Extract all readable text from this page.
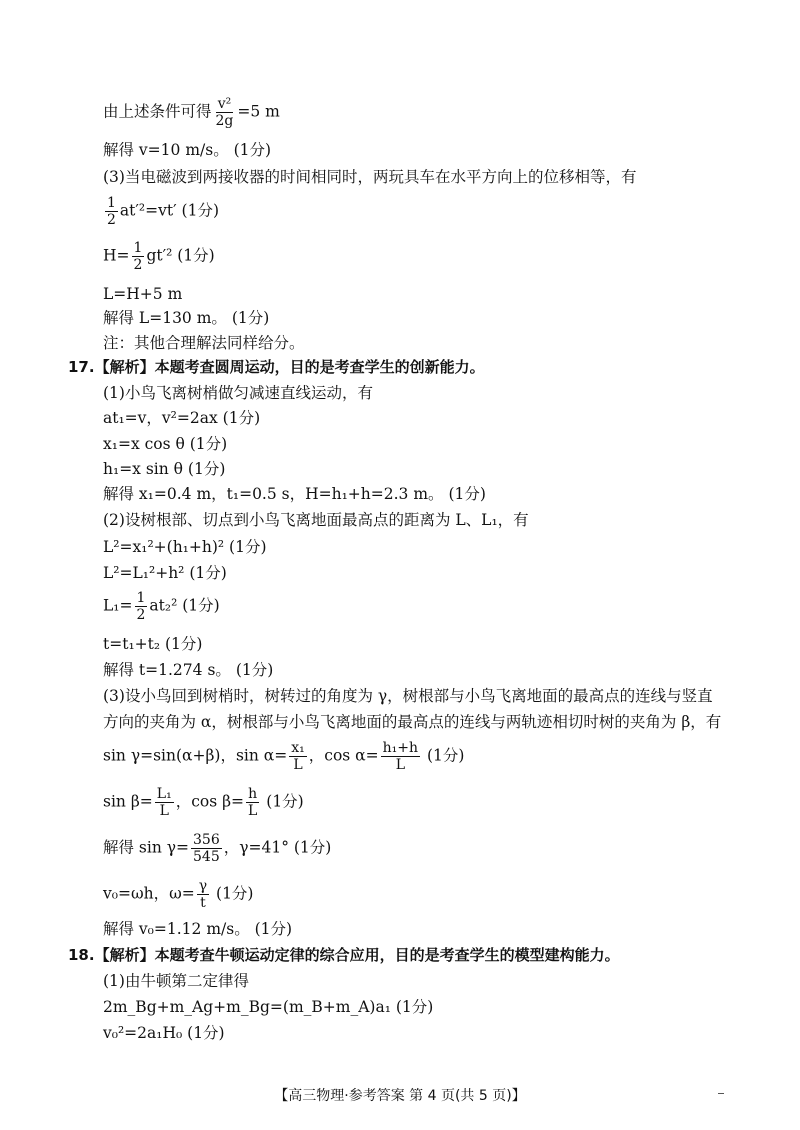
由上述条件可得 $\frac{\text{v²}}{2g} =5$ m
解得 v=10 m/s。 (1分)
(3)当电磁波到两接收器的时间相同时，两玩具车在水平方向上的位移相等，有
$\frac{1}{2} at'^2=vt'$ (1分)
$H= \frac{1}{2} gt'^2$ (1分)
L=H+5 m
解得 L=130 m。 (1分)
注：其他合理解法同样给分。
17.【解析】本题考查圆周运动，目的是考查学生的创新能力。
(1)小鸟飞离树梢做匀减速直线运动，有
at₁=v，v²=2ax (1分)
x₁=x cos θ (1分)
h₁=x sin θ (1分)
解得 x₁=0.4 m，t₁=0.5 s，H=h₁+h=2.3 m。 (1分)
(2)设树根部、切点到小鸟飞离地面最高点的距离为 L、L₁，有
L²=x₁²+(h₁+h)² (1分)
L²=L₁²+h² (1分)
$L_1= \frac{1}{2} at_2^2$ (1分)
t=t₁+t₂ (1分)
解得 t=1.274 s。 (1分)
(3)设小鸟回到树梢时，树转过的角度为 γ，树根部与小鸟飞离地面的最高点的连线与竖直
方向的夹角为 α，树根部与小鸟飞离地面的最高点的连线与两轨迹相切时树的夹角为 β，有
sin γ=sin(α+β)，$\sin \alpha= \frac{\text{x₁}}{L}$ ，$\cos \alpha= \frac{\text{h₁+h}}{L} (1$分)
$\sin \beta= \frac{\text{L₁}}{L}$ ，$\cos \beta= \frac{h}{L} (1$分)
解得 $\sin \gamma= \frac{356}{545}$ ，γ=41° (1分)
v₀=ωh，$\omega= \frac{\gamma}{t} (1$分)
解得 v₀=1.12 m/s。 (1分)
18.【解析】本题考查牛顿运动定律的综合应用，目的是考查学生的模型建构能力。
(1)由牛顿第二定律得
2m_Bg+m_Ag+m_Bg=(m_B+m_A)a₁ (1分)
v₀²=2a₁H₀ (1分)
【高三物理·参考答案 第 4 页(共 5 页)】
